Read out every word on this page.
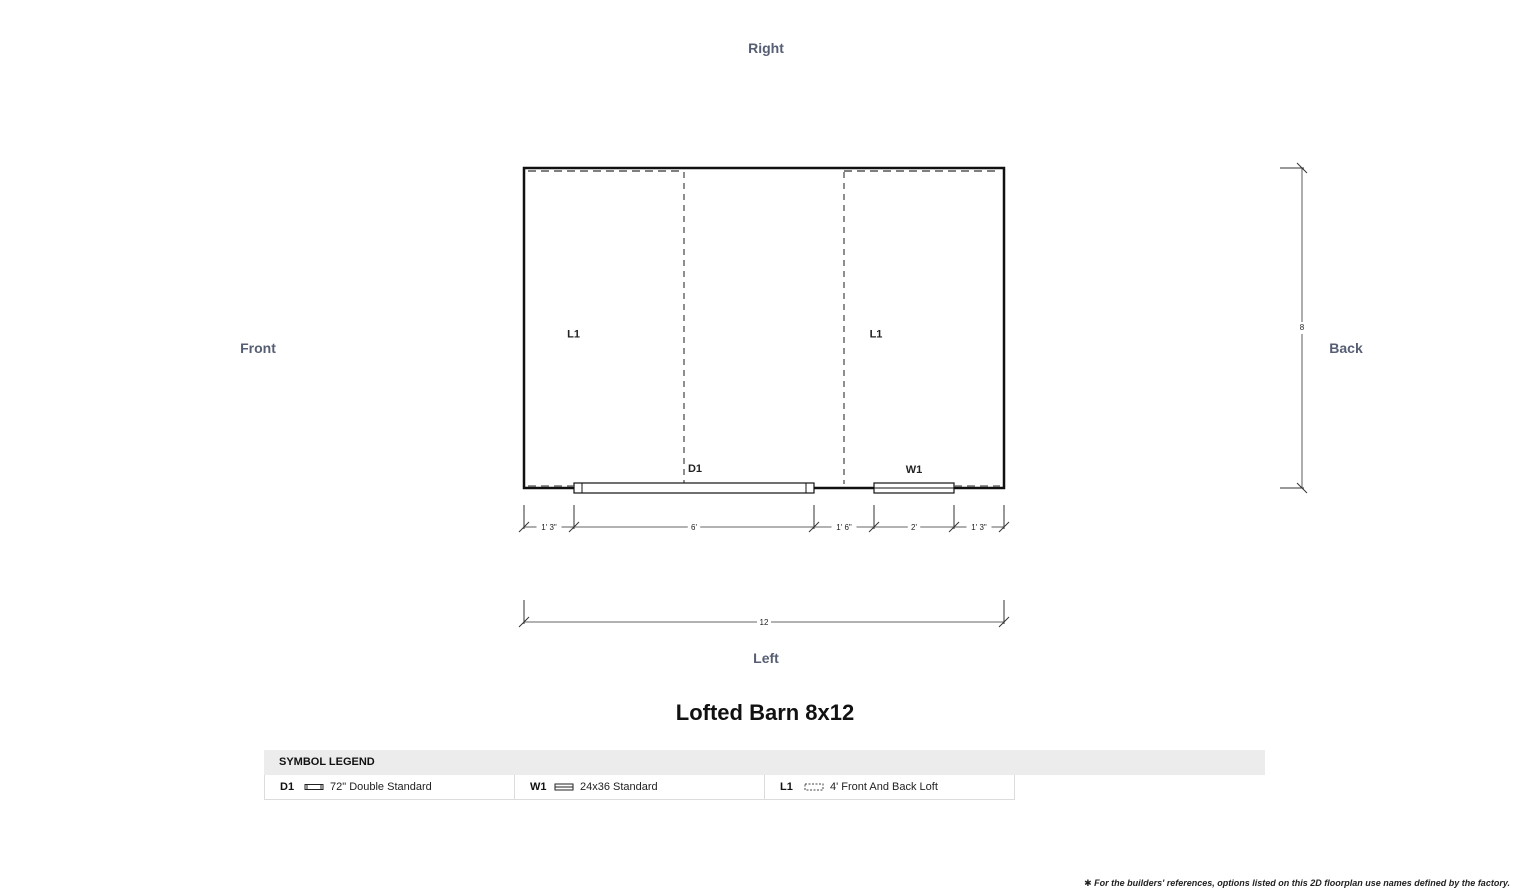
Right
Front	Back
Left
L1	L1
D1	W1
1' 3"	6'	1' 6"	2'	1' 3"
12
8
Lofted Barn 8x12
SYMBOL LEGEND
D1	72" Double Standard	W1	24x36 Standard	L1	4' Front And Back Loft
✱ For the builders' references, options listed on this 2D floorplan use names defined by the factory.
